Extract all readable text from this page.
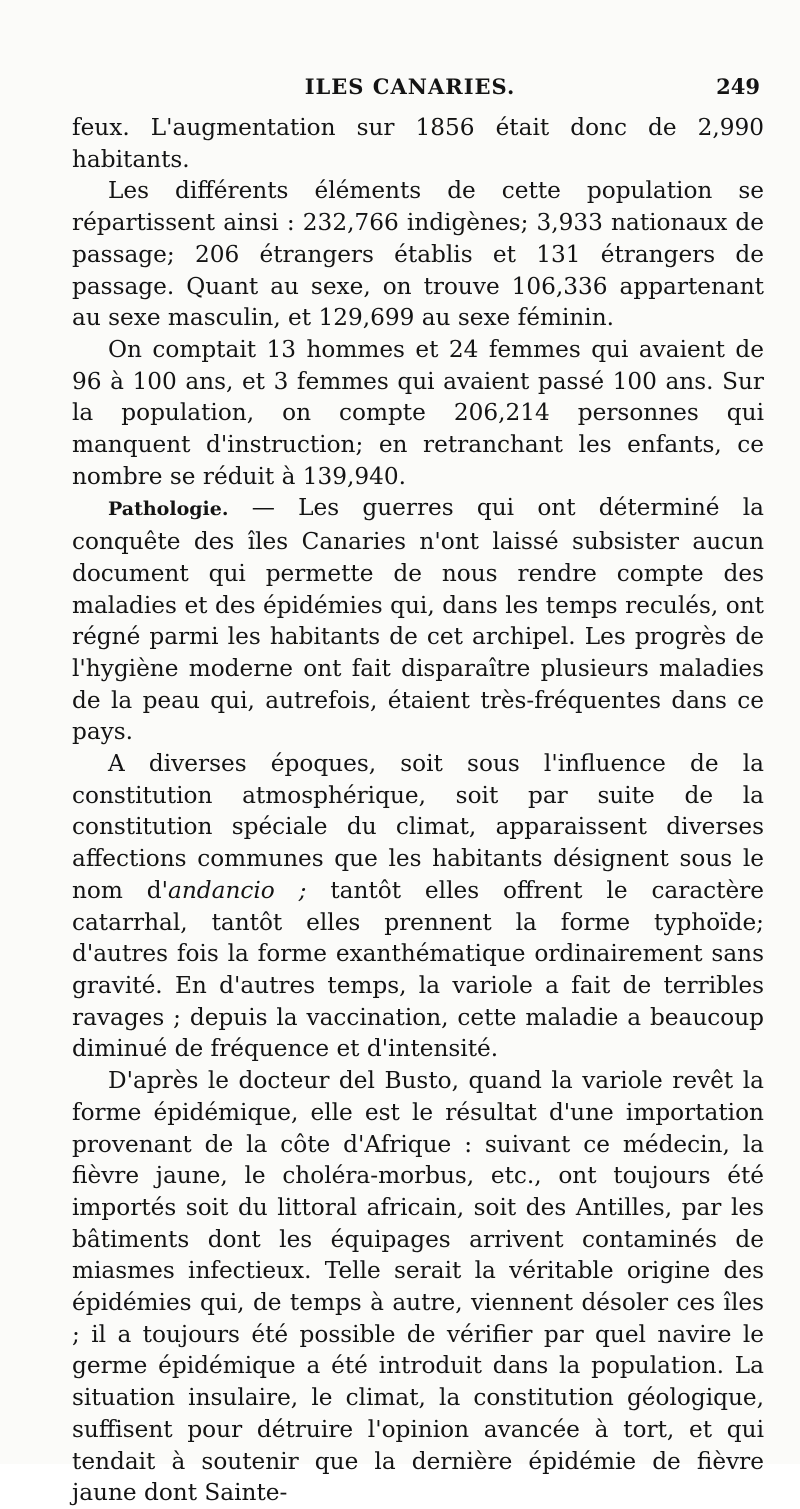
ILES CANARIES.	249

feux. L'augmentation sur 1856 était donc de 2,990 habitants.

Les différents éléments de cette population se répartissent ainsi : 232,766 indigènes; 3,933 nationaux de passage; 206 étrangers établis et 131 étrangers de passage. Quant au sexe, on trouve 106,336 appartenant au sexe masculin, et 129,699 au sexe féminin.

On comptait 13 hommes et 24 femmes qui avaient de 96 à 100 ans, et 3 femmes qui avaient passé 100 ans. Sur la population, on compte 206,214 personnes qui manquent d'instruction; en retranchant les enfants, ce nombre se réduit à 139,940.

Pathologie. — Les guerres qui ont déterminé la conquête des îles Canaries n'ont laissé subsister aucun document qui permette de nous rendre compte des maladies et des épidémies qui, dans les temps reculés, ont régné parmi les habitants de cet archipel. Les progrès de l'hygiène moderne ont fait disparaître plusieurs maladies de la peau qui, autrefois, étaient très-fréquentes dans ce pays.

A diverses époques, soit sous l'influence de la constitution atmosphérique, soit par suite de la constitution spéciale du climat, apparaissent diverses affections communes que les habitants désignent sous le nom d'andancio ; tantôt elles offrent le caractère catarrhal, tantôt elles prennent la forme typhoïde; d'autres fois la forme exanthématique ordinairement sans gravité. En d'autres temps, la variole a fait de terribles ravages ; depuis la vaccination, cette maladie a beaucoup diminué de fréquence et d'intensité.

D'après le docteur del Busto, quand la variole revêt la forme épidémique, elle est le résultat d'une importation provenant de la côte d'Afrique : suivant ce médecin, la fièvre jaune, le choléra-morbus, etc., ont toujours été importés soit du littoral africain, soit des Antilles, par les bâtiments dont les équipages arrivent contaminés de miasmes infectieux. Telle serait la véritable origine des épidémies qui, de temps à autre, viennent désoler ces îles ; il a toujours été possible de vérifier par quel navire le germe épidémique a été introduit dans la population. La situation insulaire, le climat, la constitution géologique, suffisent pour détruire l'opinion avancée à tort, et qui tendait à soutenir que la dernière épidémie de fièvre jaune dont Sainte-
